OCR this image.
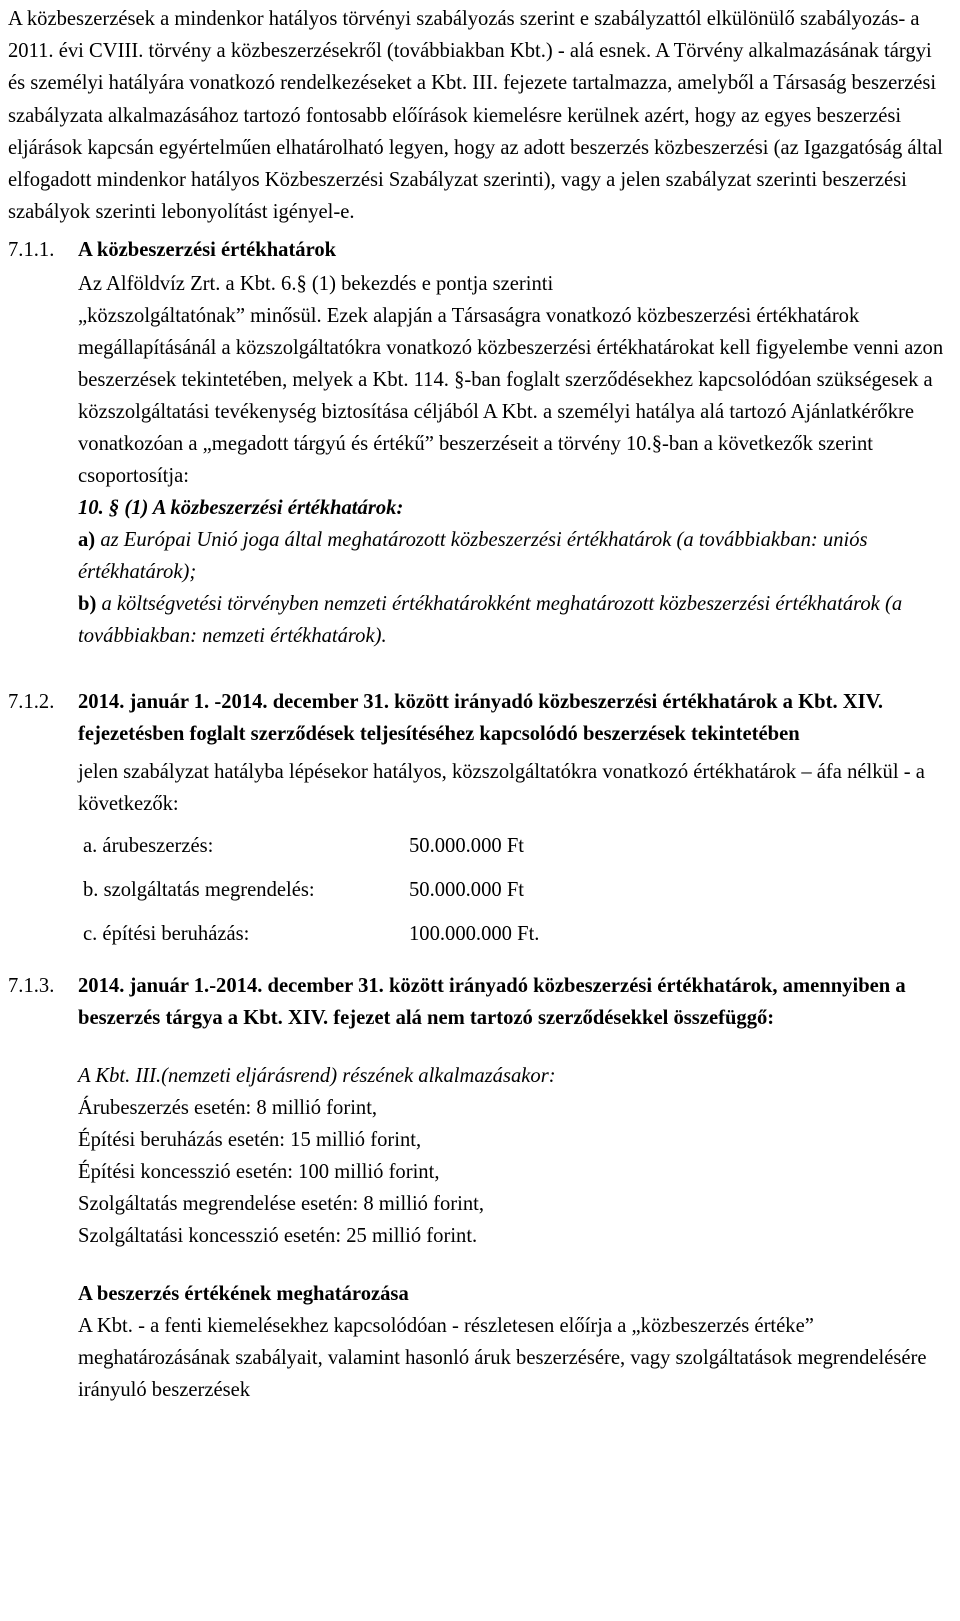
A közbeszerzések a mindenkor hatályos törvényi szabályozás szerint e szabályzattól elkülönülő szabályozás- a 2011. évi CVIII. törvény a közbeszerzésekről (továbbiakban Kbt.) - alá esnek. A Törvény alkalmazásának tárgyi és személyi hatályára vonatkozó rendelkezéseket a Kbt. III. fejezete tartalmazza, amelyből a Társaság beszerzési szabályzata alkalmazásához tartozó fontosabb előírások kiemelésre kerülnek azért, hogy az egyes beszerzési eljárások kapcsán egyértelműen elhatárolható legyen, hogy az adott beszerzés közbeszerzési (az Igazgatóság által elfogadott mindenkor hatályos Közbeszerzési Szabályzat szerinti), vagy a jelen szabályzat szerinti beszerzési szabályok szerinti lebonyolítást igényel-e.

7.1.1. A közbeszerzési értékhatárok

Az Alföldvíz Zrt. a Kbt. 6.§ (1) bekezdés e pontja szerinti

„közszolgáltatónak” minősül. Ezek alapján a Társaságra vonatkozó közbeszerzési értékhatárok megállapításánál a közszolgáltatókra vonatkozó közbeszerzési értékhatárokat kell figyelembe venni azon beszerzések tekintetében, melyek a Kbt. 114. §-ban foglalt szerződésekhez kapcsolódóan szükségesek a közszolgáltatási tevékenység biztosítása céljából A Kbt. a személyi hatálya alá tartozó Ajánlatkérőkre vonatkozóan a „megadott tárgyú és értékű” beszerzéseit a törvény 10.§-ban a következők szerint csoportosítja:

10. § (1) A közbeszerzési értékhatárok:

a) az Európai Unió joga által meghatározott közbeszerzési értékhatárok (a továbbiakban: uniós értékhatárok);

b) a költségvetési törvényben nemzeti értékhatárokként meghatározott közbeszerzési értékhatárok (a továbbiakban: nemzeti értékhatárok).

7.1.2.	2014. január 1. -2014. december 31. között irányadó közbeszerzési értékhatárok a Kbt. XIV. fejezetésben foglalt szerződések teljesítéséhez kapcsolódó beszerzések tekintetében

jelen szabályzat hatályba lépésekor hatályos, közszolgáltatókra vonatkozó értékhatárok – áfa nélkül - a következők:

a. árubeszerzés:	50.000.000 Ft
b. szolgáltatás megrendelés:	50.000.000 Ft
c. építési beruházás:	100.000.000 Ft.
7.1.3.	2014. január 1.-2014. december 31. között irányadó közbeszerzési értékhatárok, amennyiben a beszerzés tárgya a Kbt. XIV. fejezet alá nem tartozó szerződésekkel összefüggő:

A Kbt. III.(nemzeti eljárásrend) részének alkalmazásakor:

Árubeszerzés esetén: 8 millió forint,

Építési beruházás esetén: 15 millió forint,

Építési koncesszió esetén: 100 millió forint,

Szolgáltatás megrendelése esetén: 8 millió forint,

Szolgáltatási koncesszió esetén: 25 millió forint.

A beszerzés értékének meghatározása

A Kbt. - a fenti kiemelésekhez kapcsolódóan - részletesen előírja a „közbeszerzés értéke” meghatározásának szabályait, valamint hasonló áruk beszerzésére, vagy szolgáltatások megrendelésére irányuló beszerzések
